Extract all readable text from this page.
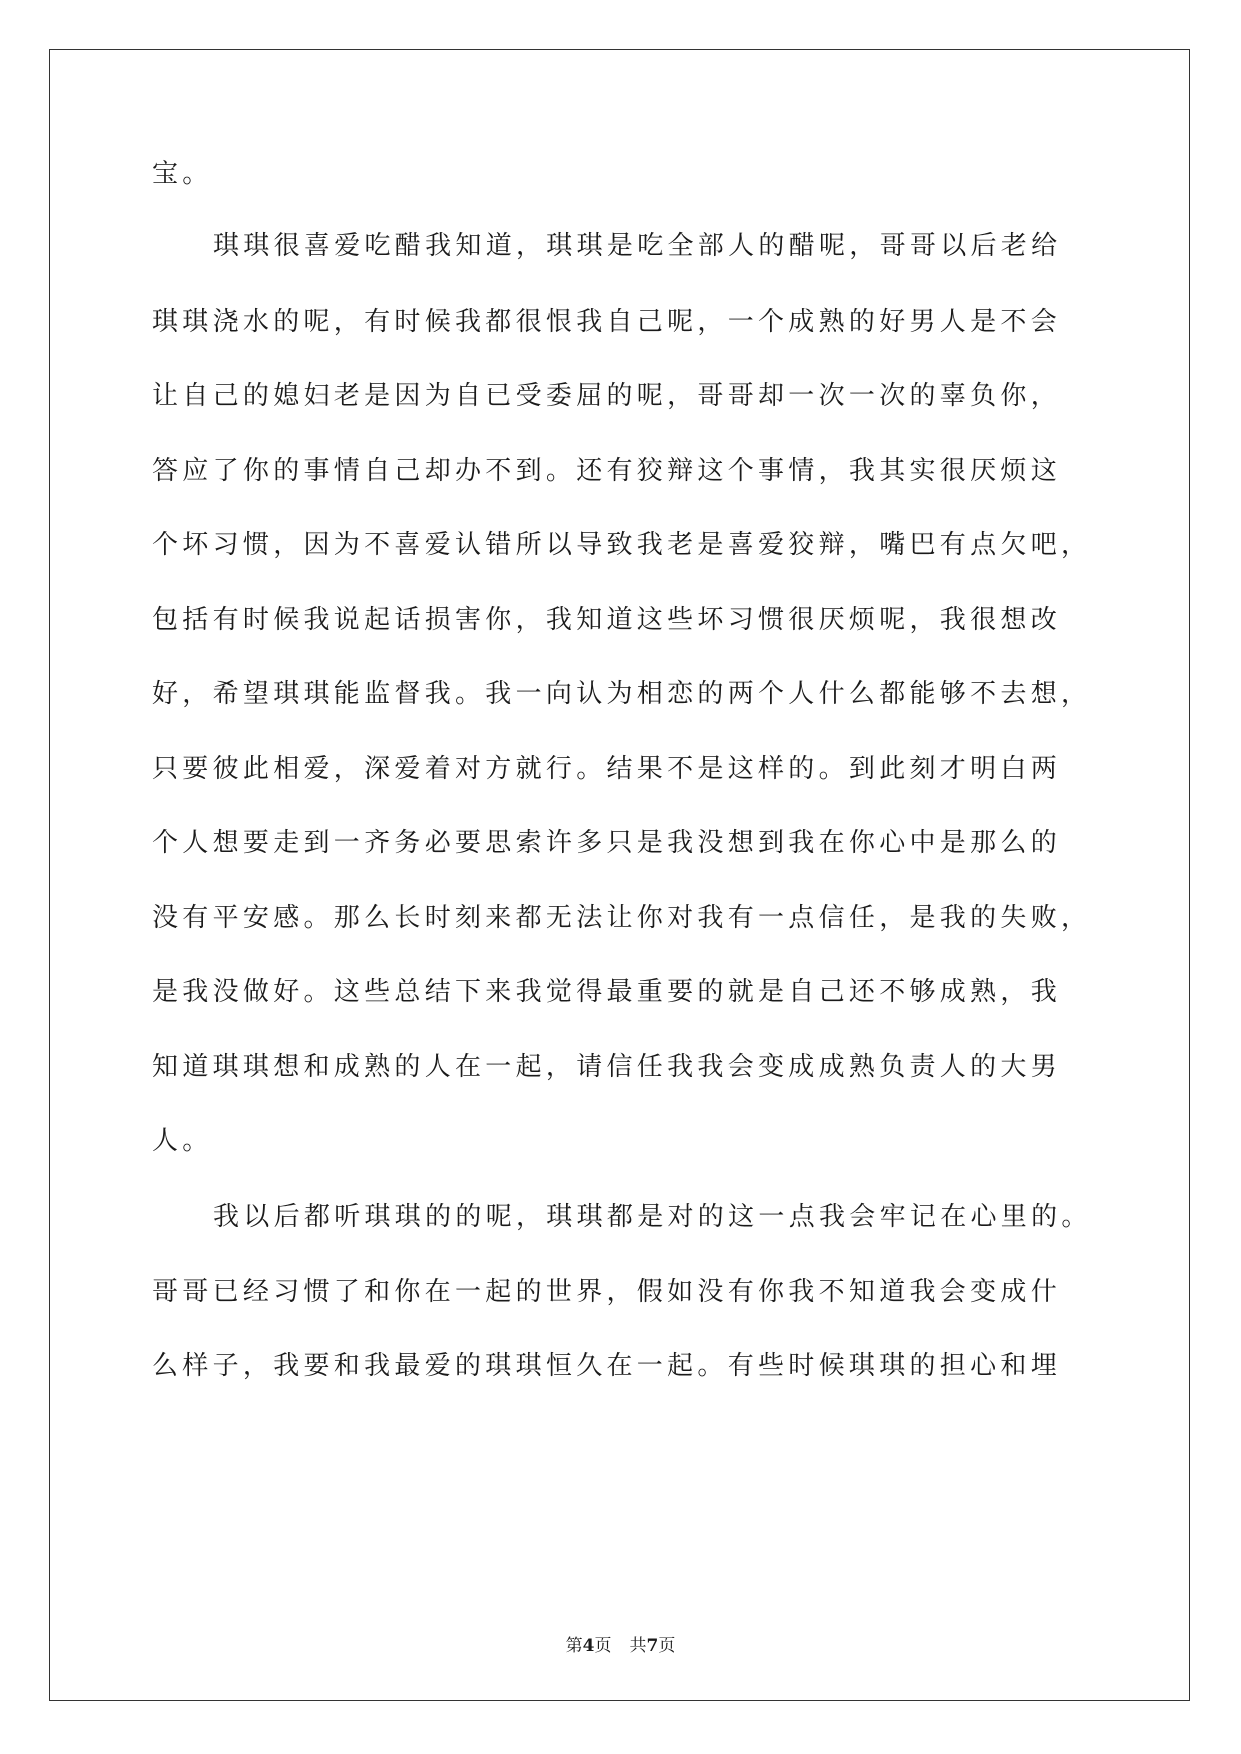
宝。
琪琪很喜爱吃醋我知道，琪琪是吃全部人的醋呢，哥哥以后老给
琪琪浇水的呢，有时候我都很恨我自己呢，一个成熟的好男人是不会
让自己的媳妇老是因为自已受委屈的呢，哥哥却一次一次的辜负你，
答应了你的事情自己却办不到。还有狡辩这个事情，我其实很厌烦这
个坏习惯，因为不喜爱认错所以导致我老是喜爱狡辩，嘴巴有点欠吧，
包括有时候我说起话损害你，我知道这些坏习惯很厌烦呢，我很想改
好，希望琪琪能监督我。我一向认为相恋的两个人什么都能够不去想，
只要彼此相爱，深爱着对方就行。结果不是这样的。到此刻才明白两
个人想要走到一齐务必要思索许多只是我没想到我在你心中是那么的
没有平安感。那么长时刻来都无法让你对我有一点信任，是我的失败，
是我没做好。这些总结下来我觉得最重要的就是自己还不够成熟，我
知道琪琪想和成熟的人在一起，请信任我我会变成成熟负责人的大男
人。
我以后都听琪琪的的呢，琪琪都是对的这一点我会牢记在心里的。
哥哥已经习惯了和你在一起的世界，假如没有你我不知道我会变成什
么样子，我要和我最爱的琪琪恒久在一起。有些时候琪琪的担心和埋
第4页 共7页
